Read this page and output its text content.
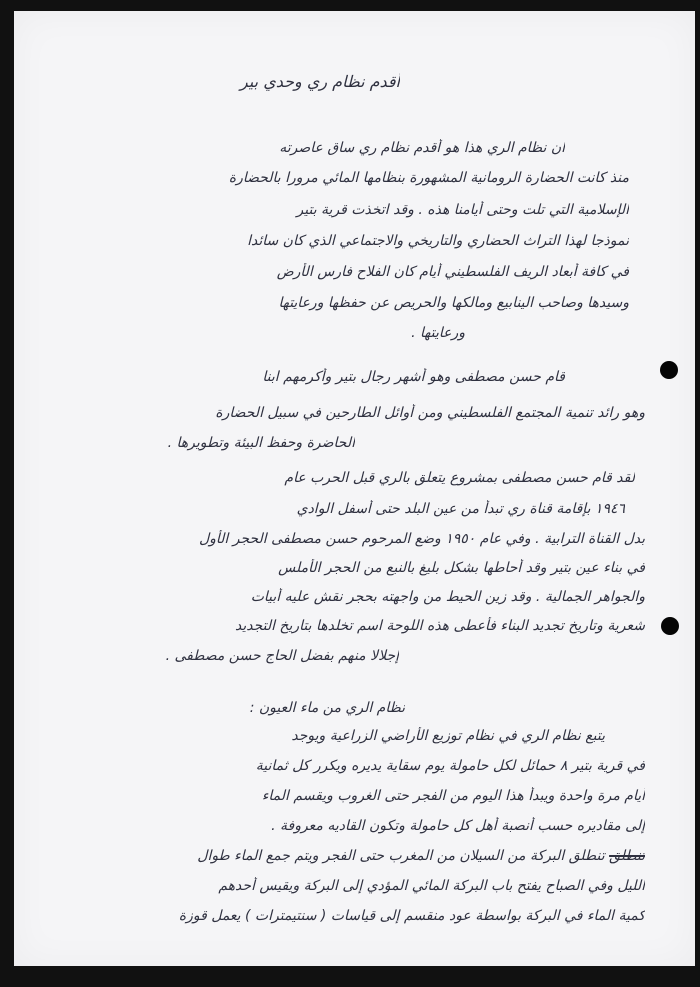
أقدم نظام ري وحدي بير
ان نظام الري هذا هو أقدم نظام ري ساق عاصرته
منذ كانت الحضارة الرومانية المشهورة بنظامها المائي مرورا بالحضارة
الإسلامية التي تلت وحتى أيامنا هذه . وقد اتخذت قرية بتير
نموذجا لهذا التراث الحضاري والتاريخي والاجتماعي الذي كان سائدا
في كافة أبعاد الريف الفلسطيني أيام كان الفلاح فارس الأرض
وسيدها وصاحب الينابيع ومالكها والحريص عن حفظها ورعايتها
ورعايتها .
قام حسن مصطفى وهو أشهر رجال بتير وأكرمهم ابنا
وهو رائد تنمية المجتمع الفلسطيني ومن أوائل الطارحين في سبيل الحضارة
الحاضرة وحفظ البيئة وتطويرها .
لقد قام حسن مصطفى بمشروع يتعلق بالري قبل الحرب عام
١٩٤٦ بإقامة قناة ري تبدأ من عين البلد حتى أسفل الوادي
بدل القناة الترابية . وفي عام ١٩٥٠ وضع المرحوم حسن مصطفى الحجر الأول
في بناء عين بتير وقد أحاطها بشكل بليغ بالنبع من الحجر الأملس
والجواهر الجمالية . وقد زين الحيط من واجهته بحجر نقش عليه أبيات
شعرية وتاريخ تجديد البناء فأعطى هذه اللوحة اسم تخلدها بتاريخ التجديد
إجلالا منهم بفضل الحاج حسن مصطفى .
نظام الري من ماء العيون :
يتبع نظام الري في نظام توزيع الأراضي الزراعية ويوجد
في قرية بتير ٨ حمائل لكل حامولة يوم سقاية يديره ويكرر كل ثمانية
أيام مرة واحدة ويبدأ هذا اليوم من الفجر حتى الغروب ويقسم الماء
إلى مقاديره حسب أنصبة أهل كل حامولة وتكون القاديه معروفة .
تنطلق تنطلق البركة من السيلان من المغرب حتى الفجر ويتم جمع الماء طوال
الليل وفي الصباح يفتح باب البركة المائي المؤدي إلى البركة ويقيس أحدهم
كمية الماء في البركة بواسطة عود منقسم إلى قياسات ( سنتيمترات ) يعمل قوزة
